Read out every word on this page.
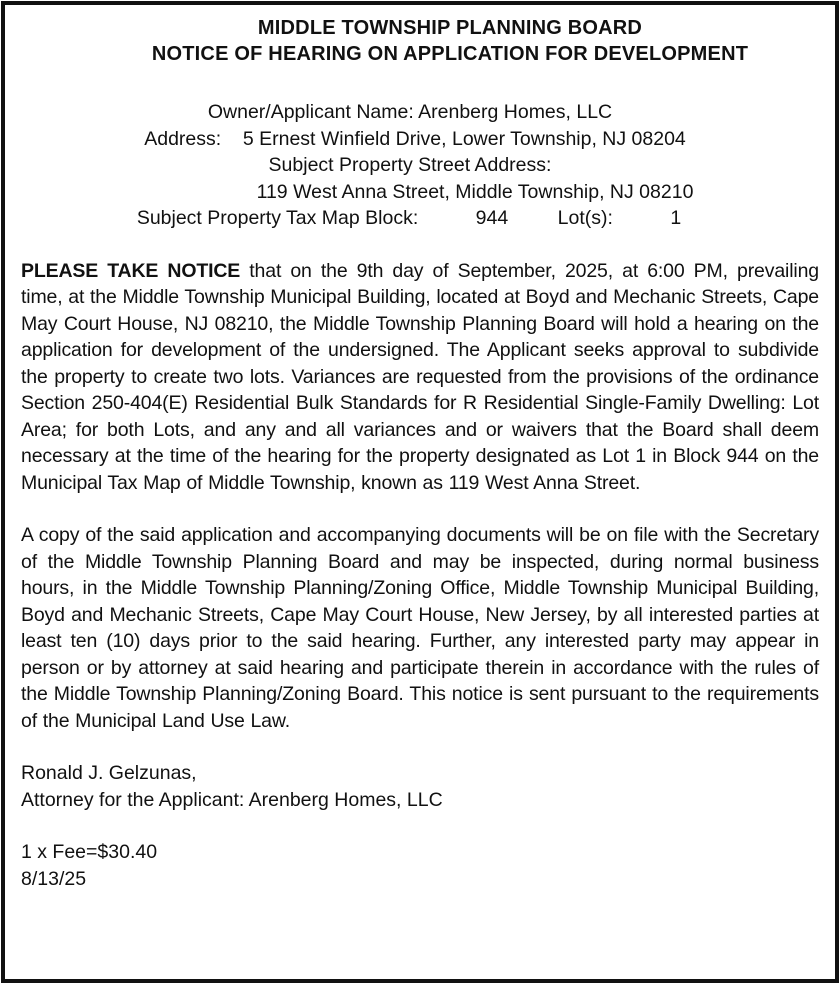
MIDDLE TOWNSHIP PLANNING BOARD

NOTICE OF HEARING ON APPLICATION FOR DEVELOPMENT

Owner/Applicant Name: Arenberg Homes, LLC

Address: 5 Ernest Winfield Drive, Lower Township, NJ 08204

Subject Property Street Address:

119 West Anna Street, Middle Township, NJ 08210

Subject Property Tax Map Block:	944	Lot(s):	1

PLEASE TAKE NOTICE that on the 9th day of September, 2025, at 6:00 PM, prevailing time, at the Middle Township Municipal Building, located at Boyd and Mechanic Streets, Cape May Court House, NJ 08210, the Middle Township Planning Board will hold a hearing on the application for development of the undersigned. The Applicant seeks approval to subdivide the property to create two lots. Variances are requested from the provisions of the ordinance Section 250-404(E) Residential Bulk Standards for R Residential Single-Family Dwelling: Lot Area; for both Lots, and any and all variances and or waivers that the Board shall deem necessary at the time of the hearing for the property designated as Lot 1 in Block 944 on the Municipal Tax Map of Middle Township, known as 119 West Anna Street.

A copy of the said application and accompanying documents will be on file with the Secretary of the Middle Township Planning Board and may be inspected, during normal business hours, in the Middle Township Planning/Zoning Office, Middle Township Municipal Building, Boyd and Mechanic Streets, Cape May Court House, New Jersey, by all interested parties at least ten (10) days prior to the said hearing. Further, any interested party may appear in person or by attorney at said hearing and participate therein in accordance with the rules of the Middle Township Planning/Zoning Board. This notice is sent pursuant to the requirements of the Municipal Land Use Law.

Ronald J. Gelzunas,

Attorney for the Applicant: Arenberg Homes, LLC

1 x Fee=$30.40

8/13/25
